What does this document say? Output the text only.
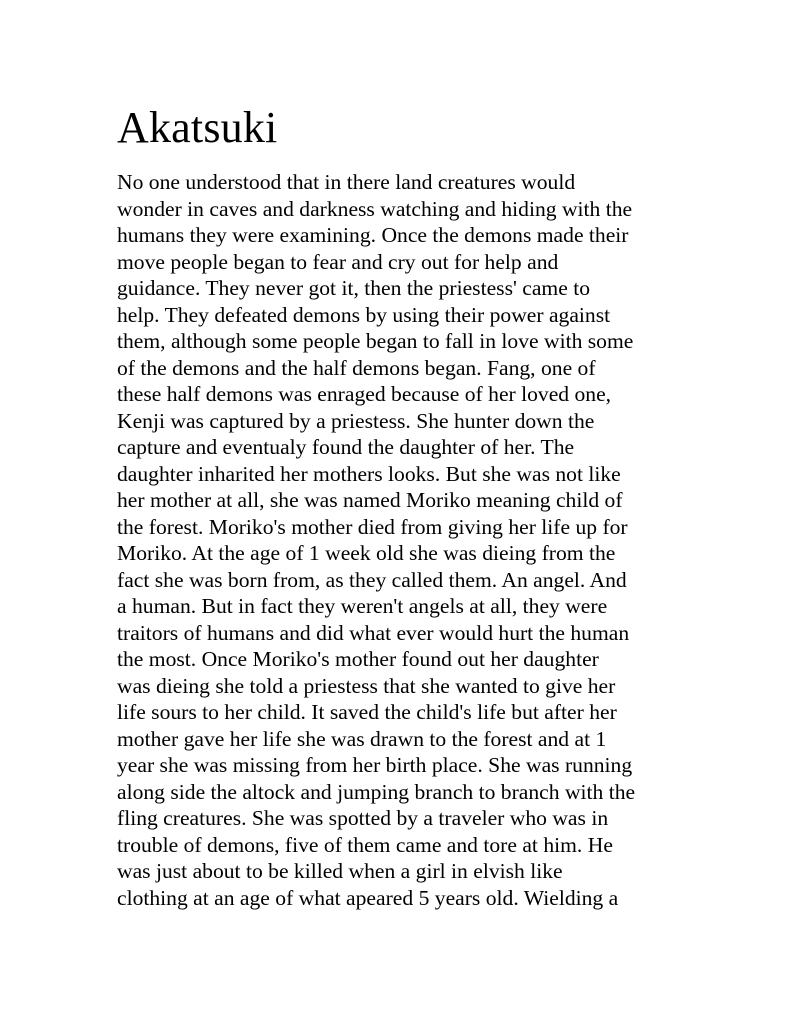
Akatsuki
No one understood that in there land creatures would
wonder in caves and darkness watching and hiding with the
humans they were examining. Once the demons made their
move people began to fear and cry out for help and
guidance. They never got it, then the priestess' came to
help. They defeated demons by using their power against
them, although some people began to fall in love with some
of the demons and the half demons began. Fang, one of
these half demons was enraged because of her loved one,
Kenji was captured by a priestess. She hunter down the
capture and eventualy found the daughter of her. The
daughter inharited her mothers looks. But she was not like
her mother at all, she was named Moriko meaning child of
the forest. Moriko's mother died from giving her life up for
Moriko. At the age of 1 week old she was dieing from the
fact she was born from, as they called them. An angel. And
a human. But in fact they weren't angels at all, they were
traitors of humans and did what ever would hurt the human
the most. Once Moriko's mother found out her daughter
was dieing she told a priestess that she wanted to give her
life sours to her child. It saved the child's life but after her
mother gave her life she was drawn to the forest and at 1
year she was missing from her birth place. She was running
along side the altock and jumping branch to branch with the
fling creatures. She was spotted by a traveler who was in
trouble of demons, five of them came and tore at him. He
was just about to be killed when a girl in elvish like
clothing at an age of what apeared 5 years old. Wielding a
